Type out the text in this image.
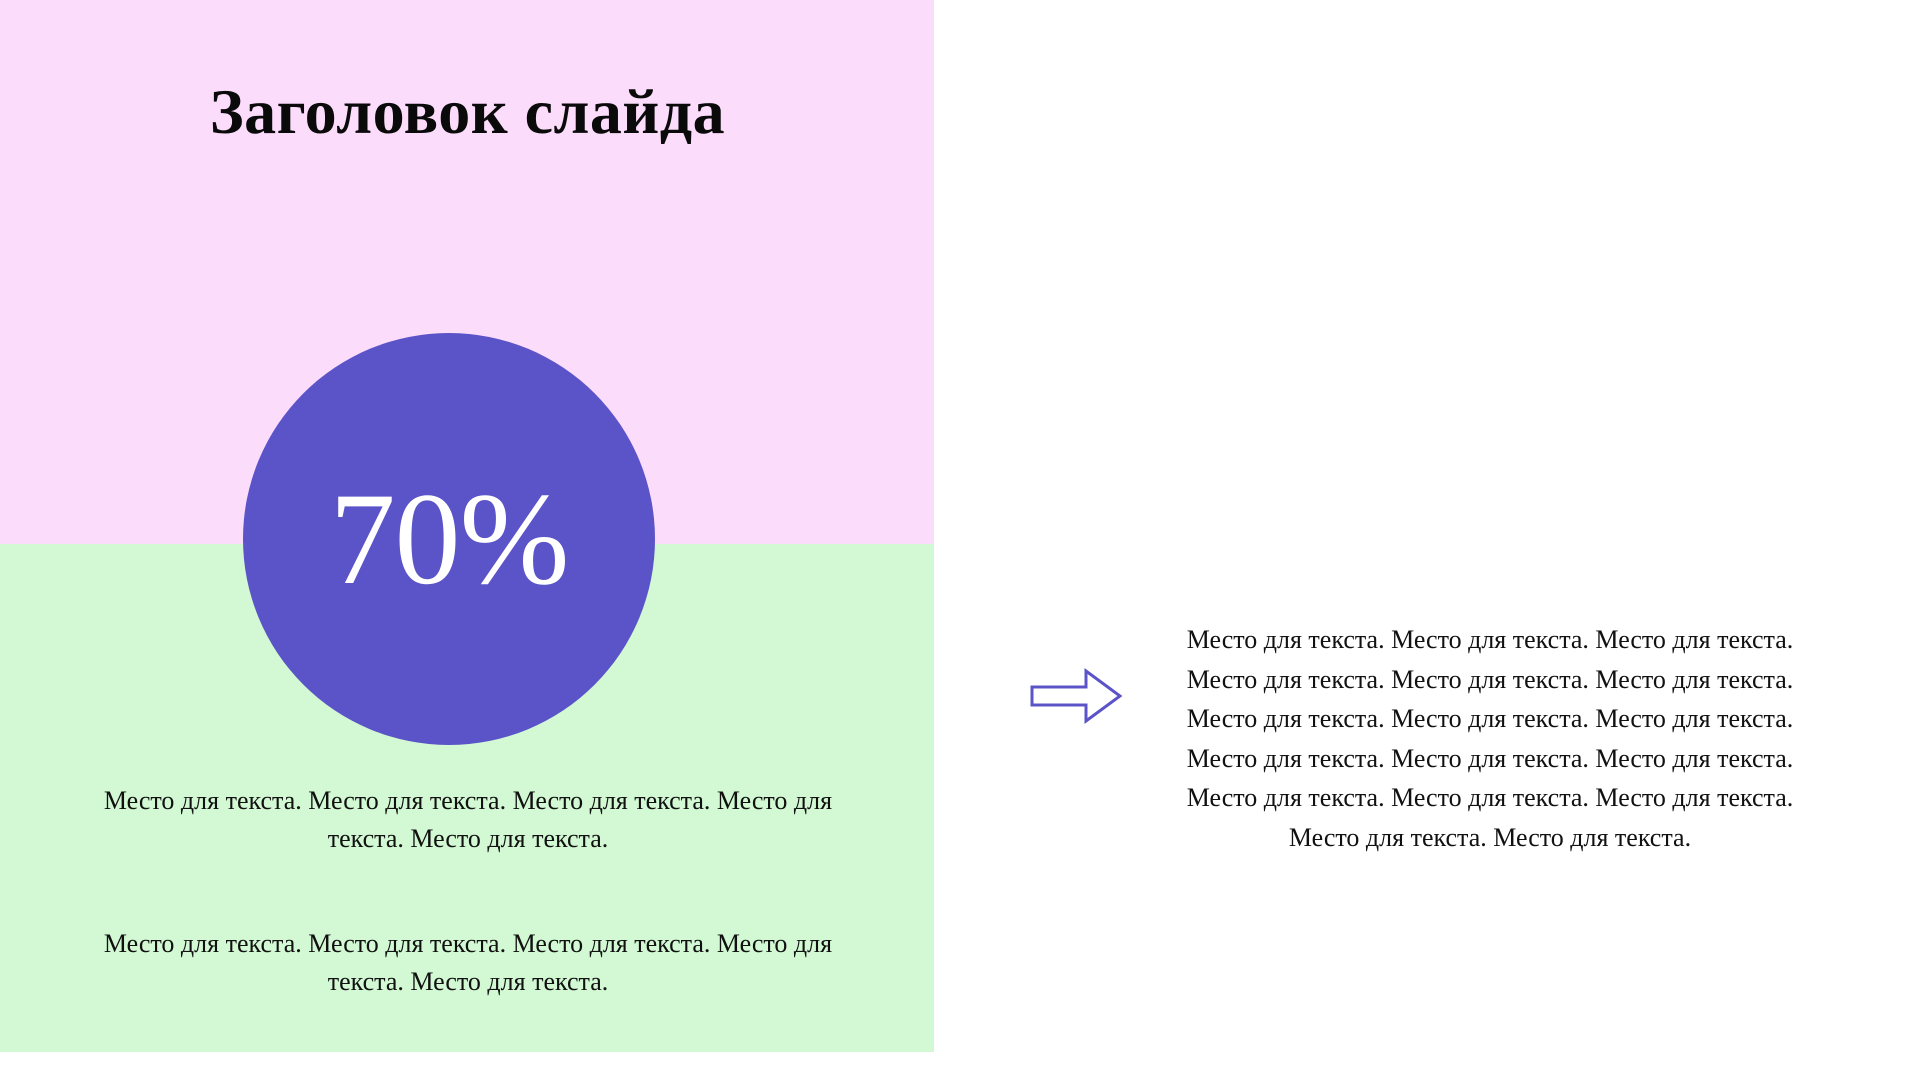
Заголовок слайда
70%
Место для текста. Место для текста. Место для текста. Место для текста. Место для текста.
Место для текста. Место для текста. Место для текста. Место для текста. Место для текста.
Место для текста. Место для текста. Место для текста. Место для текста. Место для текста. Место для текста. Место для текста. Место для текста. Место для текста. Место для текста. Место для текста. Место для текста. Место для текста. Место для текста. Место для текста. Место для текста. Место для текста.
